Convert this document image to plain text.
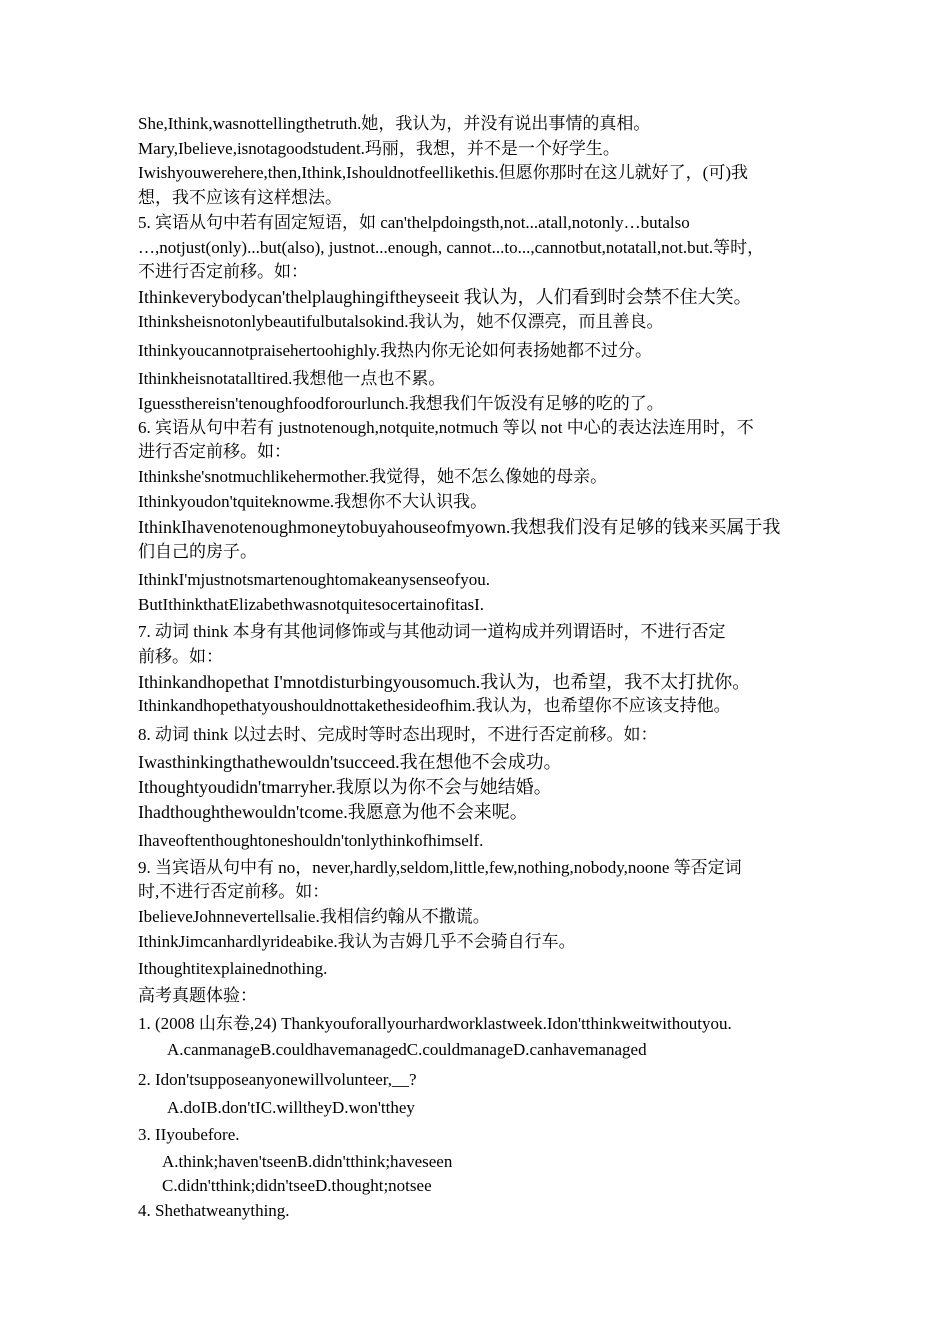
She,Ithink,wasnottellingthetruth.她，我认为，并没有说出事情的真相。
Mary,Ibelieve,isnotagoodstudent.玛丽，我想，并不是一个好学生。
Iwishyouwerehere,then,Ithink,Ishouldnotfeellikethis.但愿你那时在这儿就好了，(可)我
想，我不应该有这样想法。
5. 宾语从句中若有固定短语，如 can'thelpdoingsth,not...atall,notonly…butalso
…,notjust(only)...but(also), justnot...enough, cannot...to...,cannotbut,notatall,not.but.等时，
不进行否定前移。如：
Ithinkeverybodycan'thelplaughingiftheyseeit 我认为，人们看到时会禁不住大笑。
Ithinksheisnotonlybeautifulbutalsokind.我认为，她不仅漂亮，而且善良。
Ithinkyoucannotpraisehertoohighly.我热内你无论如何表扬她都不过分。
Ithinkheisnotatalltired.我想他一点也不累。
Iguessthereisn'tenoughfoodforourlunch.我想我们午饭没有足够的吃的了。
6. 宾语从句中若有 justnotenough,notquite,notmuch 等以 not 中心的表达法连用时，不
进行否定前移。如：
Ithinkshe'snotmuchlikehermother.我觉得，她不怎么像她的母亲。
Ithinkyoudon'tquiteknowme.我想你不大认识我。
IthinkIhavenotenoughmoneytobuyahouseofmyown.我想我们没有足够的钱来买属于我
们自己的房子。
IthinkI'mjustnotsmartenoughtomakeanysenseofyou.
ButIthinkthatElizabethwasnotquitesocertainofitasI.
7. 动词 think 本身有其他词修饰或与其他动词一道构成并列谓语时，不进行否定
前移。如：
Ithinkandhopethat I'mnotdisturbingyousomuch.我认为，也希望，我不太打扰你。
Ithinkandhopethatyoushouldnottakethesideofhim.我认为，也希望你不应该支持他。
8. 动词 think 以过去时、完成时等时态出现时，不进行否定前移。如：
Iwasthinkingthathewouldn'tsucceed.我在想他不会成功。
Ithoughtyoudidn'tmarryher.我原以为你不会与她结婚。
Ihadthoughthewouldn'tcome.我愿意为他不会来呢。
Ihaveoftenthoughtoneshouldn'tonlythinkofhimself.
9. 当宾语从句中有 no，never,hardly,seldom,little,few,nothing,nobody,noone 等否定词
时,不进行否定前移。如：
IbelieveJohnnevertellsalie.我相信约翰从不撒谎。
IthinkJimcanhardlyrideabike.我认为吉姆几乎不会骑自行车。
Ithoughtitexplainednothing.
高考真题体验：
1. (2008 山东卷,24) Thankyouforallyourhardworklastweek.Idon'tthinkweitwithoutyou.
A.canmanageB.couldhavemanagedC.couldmanageD.canhavemanaged
2. Idon'tsupposeanyonewillvolunteer,__?
A.doIB.don'tIC.willtheyD.won'tthey
3. IIyoubefore.
A.think;haven'tseenB.didn'tthink;haveseen
C.didn'tthink;didn'tseeD.thought;notsee
4. Shethatweanything.
